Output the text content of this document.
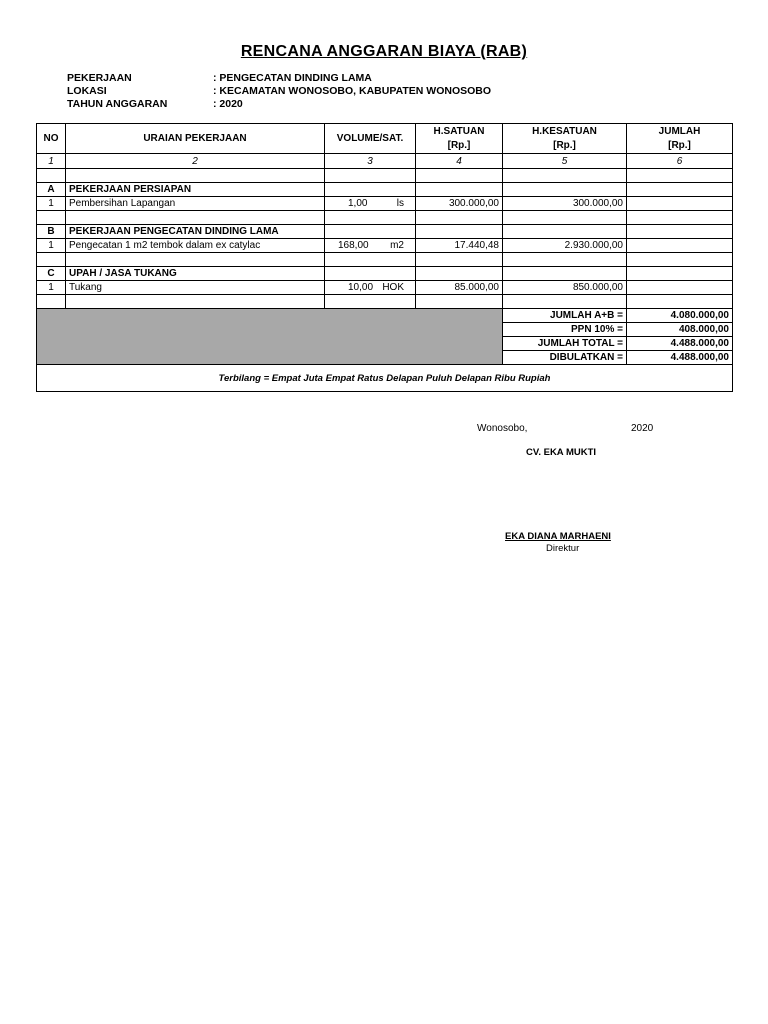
RENCANA ANGGARAN BIAYA (RAB)
PEKERJAAN	: PENGECATAN DINDING LAMA
LOKASI	: KECAMATAN WONOSOBO, KABUPATEN WONOSOBO
TAHUN ANGGARAN	: 2020
NO	URAIAN PEKERJAAN	VOLUME/SAT.	H.SATUAN	H.KESATUAN	JUMLAH
			[Rp.]	[Rp.]	[Rp.]
1	2	3	4	5	6

A	PEKERJAAN PERSIAPAN				
1	Pembersihan Lapangan	1,00 ls	300.000,00	300.000,00	

B	PEKERJAAN PENGECATAN DINDING LAMA				
1	Pengecatan 1 m2 tembok dalam ex catylac	168,00 m2	17.440,48	2.930.000,00	

C	UPAH / JASA TUKANG				
1	Tukang	10,00 HOK	85.000,00	850.000,00	

				JUMLAH A+B =	4.080.000,00
				PPN 10% =	408.000,00
				JUMLAH TOTAL =	4.488.000,00
				DIBULATKAN =	4.488.000,00
Terbilang = Empat Juta Empat Ratus Delapan Puluh Delapan Ribu Rupiah					
Wonosobo,	2020
CV. EKA MUKTI
EKA DIANA MARHAENI
Direktur
